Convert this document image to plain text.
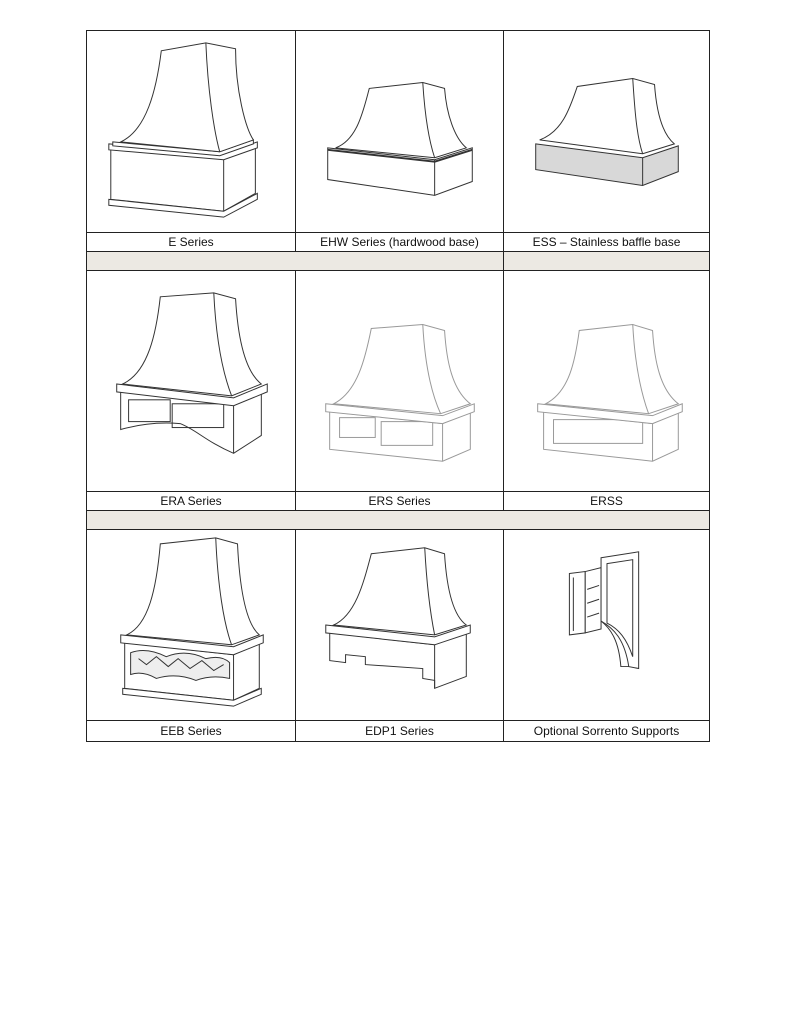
E Series	EHW Series (hardwood base)	ESS – Stainless baffle base
ERA Series	ERS Series	ERSS
EEB Series	EDP1 Series	Optional Sorrento Supports
